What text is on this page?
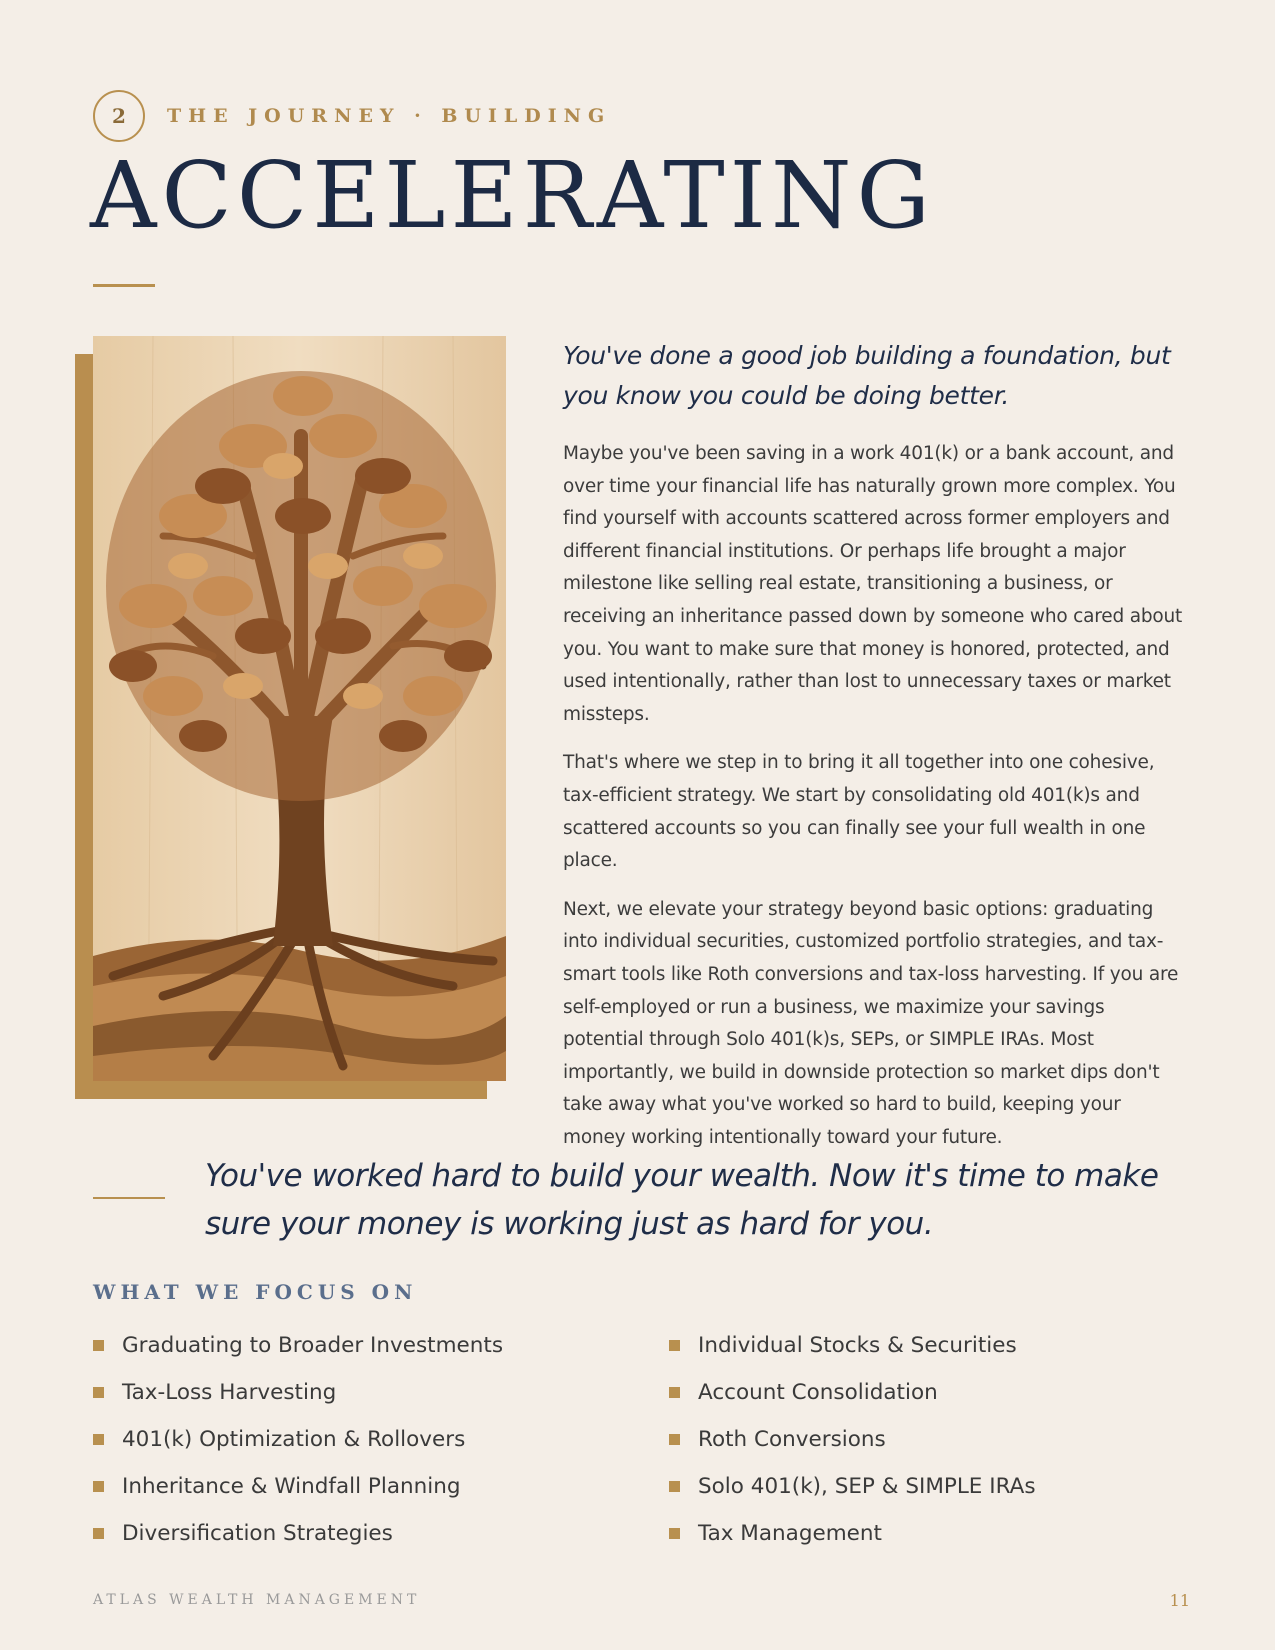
2	THE JOURNEY · BUILDING
ACCELERATING

You've done a good job building a foundation, but you know you could be doing better.

Maybe you've been saving in a work 401(k) or a bank account, and over time your financial life has naturally grown more complex. You find yourself with accounts scattered across former employers and different financial institutions. Or perhaps life brought a major milestone like selling real estate, transitioning a business, or receiving an inheritance passed down by someone who cared about you. You want to make sure that money is honored, protected, and used intentionally, rather than lost to unnecessary taxes or market missteps.

That's where we step in to bring it all together into one cohesive, tax-efficient strategy. We start by consolidating old 401(k)s and scattered accounts so you can finally see your full wealth in one place.

Next, we elevate your strategy beyond basic options: graduating into individual securities, customized portfolio strategies, and tax-smart tools like Roth conversions and tax-loss harvesting. If you are self-employed or run a business, we maximize your savings potential through Solo 401(k)s, SEPs, or SIMPLE IRAs. Most importantly, we build in downside protection so market dips don't take away what you've worked so hard to build, keeping your money working intentionally toward your future.

You've worked hard to build your wealth. Now it's time to make sure your money is working just as hard for you.

WHAT WE FOCUS ON
Graduating to Broader Investments
Tax-Loss Harvesting
401(k) Optimization & Rollovers
Inheritance & Windfall Planning
Diversification Strategies
Individual Stocks & Securities
Account Consolidation
Roth Conversions
Solo 401(k), SEP & SIMPLE IRAs
Tax Management
ATLAS WEALTH MANAGEMENT	11
